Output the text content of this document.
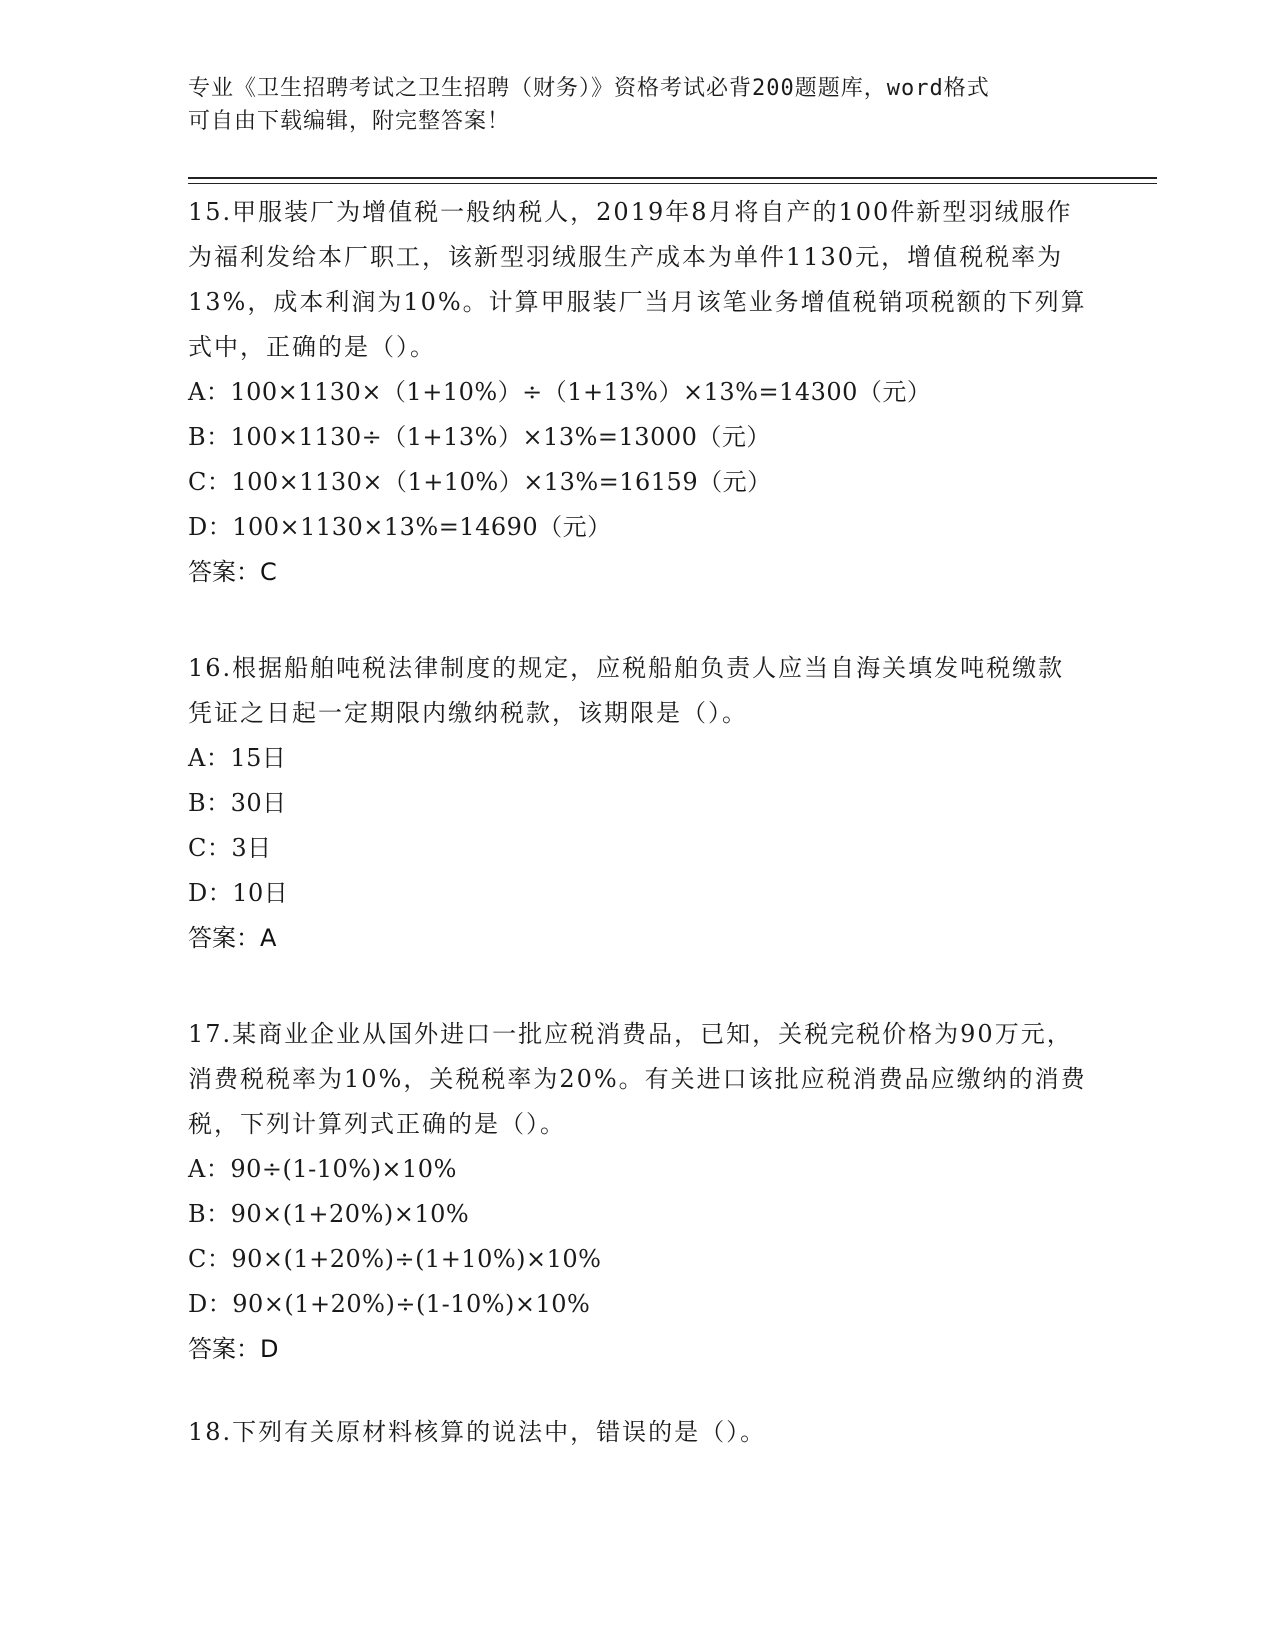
专业《卫生招聘考试之卫生招聘（财务）》资格考试必背200题题库，word格式
可自由下载编辑，附完整答案！

15.甲服装厂为增值税一般纳税人，2019年8月将自产的100件新型羽绒服作为福利发给本厂职工，该新型羽绒服生产成本为单件1130元，增值税税率为13%，成本利润为10%。计算甲服装厂当月该笔业务增值税销项税额的下列算式中，正确的是（）。

A：100×1130×（1+10%）÷（1+13%）×13%=14300（元）

B：100×1130÷（1+13%）×13%=13000（元）

C：100×1130×（1+10%）×13%=16159（元）

D：100×1130×13%=14690（元）

答案：C

16.根据船舶吨税法律制度的规定，应税船舶负责人应当自海关填发吨税缴款凭证之日起一定期限内缴纳税款，该期限是（）。

A：15日

B：30日

C：3日

D：10日

答案：A

17.某商业企业从国外进口一批应税消费品，已知，关税完税价格为90万元，消费税税率为10%，关税税率为20%。有关进口该批应税消费品应缴纳的消费税，下列计算列式正确的是（）。

A：90÷(1-10%)×10%

B：90×(1+20%)×10%

C：90×(1+20%)÷(1+10%)×10%

D：90×(1+20%)÷(1-10%)×10%

答案：D

18.下列有关原材料核算的说法中，错误的是（）。
